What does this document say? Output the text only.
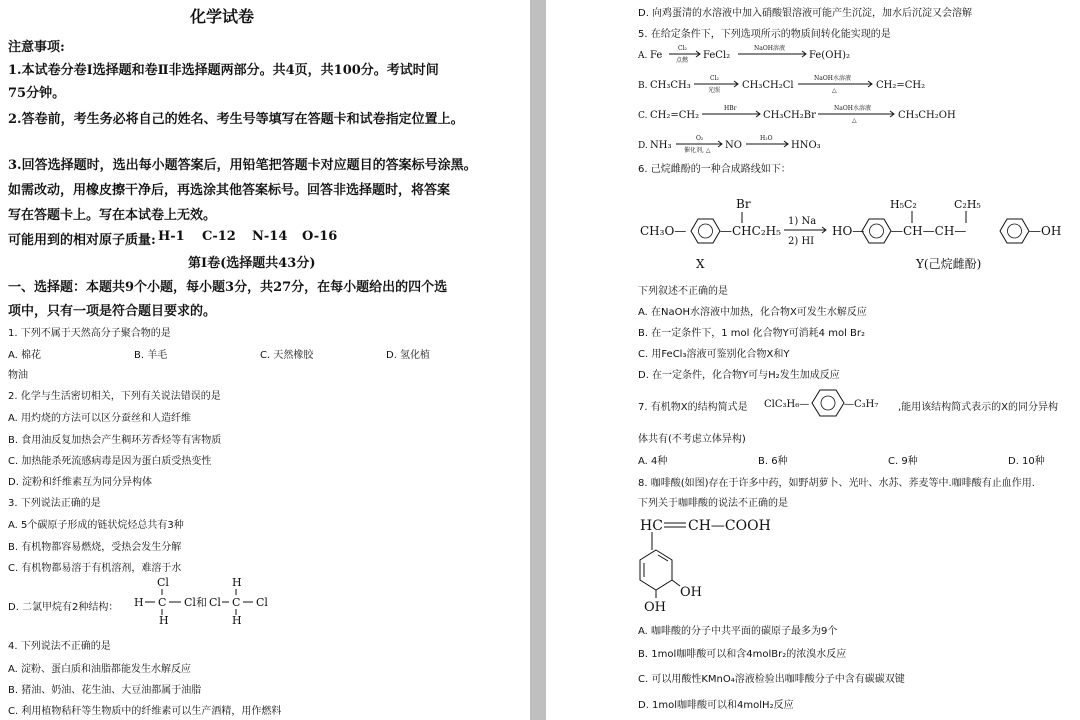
化学试卷
注意事项:
1.本试卷分卷Ⅰ选择题和卷Ⅱ非选择题两部分。共4页，共100分。考试时间
75分钟。
2.答卷前，考生务必将自己的姓名、考生号等填写在答题卡和试卷指定位置上。
3.回答选择题时，选出每小题答案后，用铅笔把答题卡对应题目的答案标号涂黑。
如需改动，用橡皮擦干净后，再选涂其他答案标号。回答非选择题时，将答案
写在答题卡上。写在本试卷上无效。
可能用到的相对原子质量: H-1 C-12 N-14 O-16
第Ⅰ卷(选择题共43分)
一、选择题：本题共9个小题，每小题3分，共27分，在每小题给出的四个选
项中，只有一项是符合题目要求的。
1. 下列不属于天然高分子聚合物的是
A. 棉花	B. 羊毛	C. 天然橡胶	D. 氢化植
物油
2. 化学与生活密切相关，下列有关说法错误的是
A. 用灼烧的方法可以区分蚕丝和人造纤维
B. 食用油反复加热会产生稠环芳香烃等有害物质
C. 加热能杀死流感病毒是因为蛋白质受热变性
D. 淀粉和纤维素互为同分异构体
3. 下列说法正确的是
A. 5个碳原子形成的链状烷烃总共有3种
B. 有机物都容易燃烧，受热会发生分解
C. 有机物都易溶于有机溶剂，难溶于水
D. 二氯甲烷有2种结构：
Cl
H C Cl
H
和 Cl
H
C Cl
H
4. 下列说法不正确的是
A. 淀粉、蛋白质和油脂都能发生水解反应
B. 猪油、奶油、花生油、大豆油都属于油脂
C. 利用植物秸秆等生物质中的纤维素可以生产酒精，用作燃料
D. 向鸡蛋清的水溶液中加入硝酸银溶液可能产生沉淀，加水后沉淀又会溶解
5. 在给定条件下，下列选项所示的物质间转化能实现的是
A. Fe
Cl₂
点燃 FeCl₂
NaOH溶液
Fe(OH)₂
B. CH₃CH₃
Cl₂
光照 CH₃CH₂Cl
NaOH水溶液
△	CH₂=CH₂
C. CH₂=CH₂
HBr
CH₃CH₂Br
NaOH水溶液
△	CH₃CH₂OH
D. NH₃
O₂
催化剂, △ NO
H₂O
HNO₃
6. 己烷雌酚的一种合成路线如下：
CH₃O—	—CHC₂H₅
Br
1) Na
2) HI
HO— —CH—CH—
H₅C₂	C₂H₅
—OH
X	Y(己烷雌酚)
下列叙述不正确的是
A. 在NaOH水溶液中加热，化合物X可发生水解反应
B. 在一定条件下，1 mol 化合物Y可消耗4 mol Br₂
C. 用FeCl₃溶液可鉴别化合物X和Y
D. 在一定条件，化合物Y可与H₂发生加成反应
7. 有机物X的结构简式是 ClC₃H₆—	—C₃H₇ ,能用该结构简式表示的X的同分异构
体共有(不考虑立体异构)
A. 4种	B. 6种	C. 9种	D. 10种
8. 咖啡酸(如图)存在于许多中药，如野胡萝卜、光叶、水苏、荞麦等中.咖啡酸有止血作用.
下列关于咖啡酸的说法不正确的是
HC CH—COOH
OH
OH
A. 咖啡酸的分子中共平面的碳原子最多为9个
B. 1mol咖啡酸可以和含4molBr₂的浓溴水反应
C. 可以用酸性KMnO₄溶液检验出咖啡酸分子中含有碳碳双键
D. 1mol咖啡酸可以和4molH₂反应
